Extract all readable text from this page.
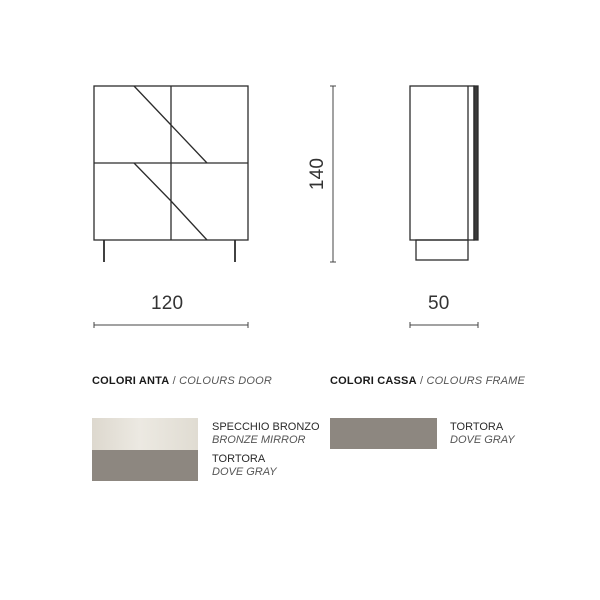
120	50
140
COLORI ANTA / COLOURS DOOR
SPECCHIO BRONZO
BRONZE MIRROR
TORTORA
DOVE GRAY
COLORI CASSA / COLOURS FRAME
TORTORA
DOVE GRAY
